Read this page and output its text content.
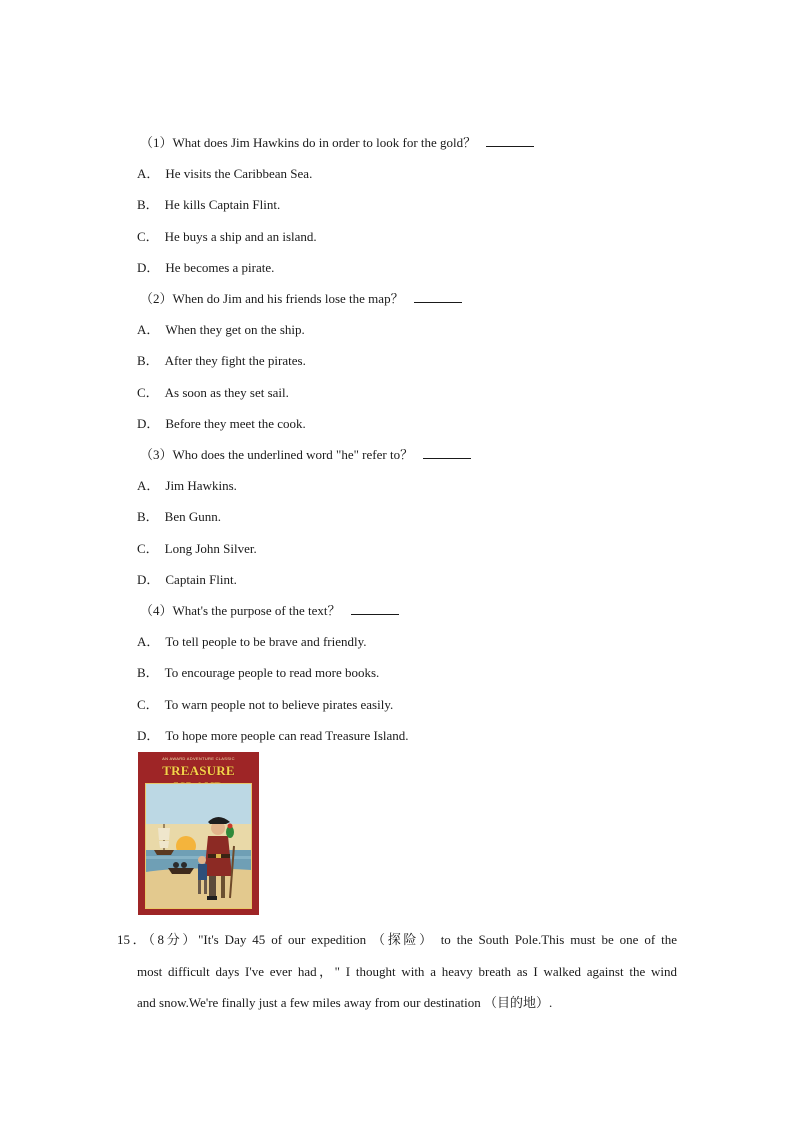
（1）What does Jim Hawkins do in order to look for the gold？
A． He visits the Caribbean Sea.
B． He kills Captain Flint.
C． He buys a ship and an island.
D． He becomes a pirate.
（2）When do Jim and his friends lose the map？
A． When they get on the ship.
B． After they fight the pirates.
C． As soon as they set sail.
D． Before they meet the cook.
（3）Who does the underlined word "he" refer to？
A． Jim Hawkins.
B． Ben Gunn.
C． Long John Silver.
D． Captain Flint.
（4）What's the purpose of the text？
A． To tell people to be brave and friendly.
B． To encourage people to read more books.
C． To warn people not to believe pirates easily.
D． To hope more people can read Treasure Island.
AN AWARD ADVENTURE CLASSIC
TREASURE
15．（8分）"It's Day 45 of our expedition （探险） to the South Pole.This must be one of the
most difficult days I've ever had，" I thought with a heavy breath as I walked against the wind
and snow.We're finally just a few miles away from our destination （目的地）.
